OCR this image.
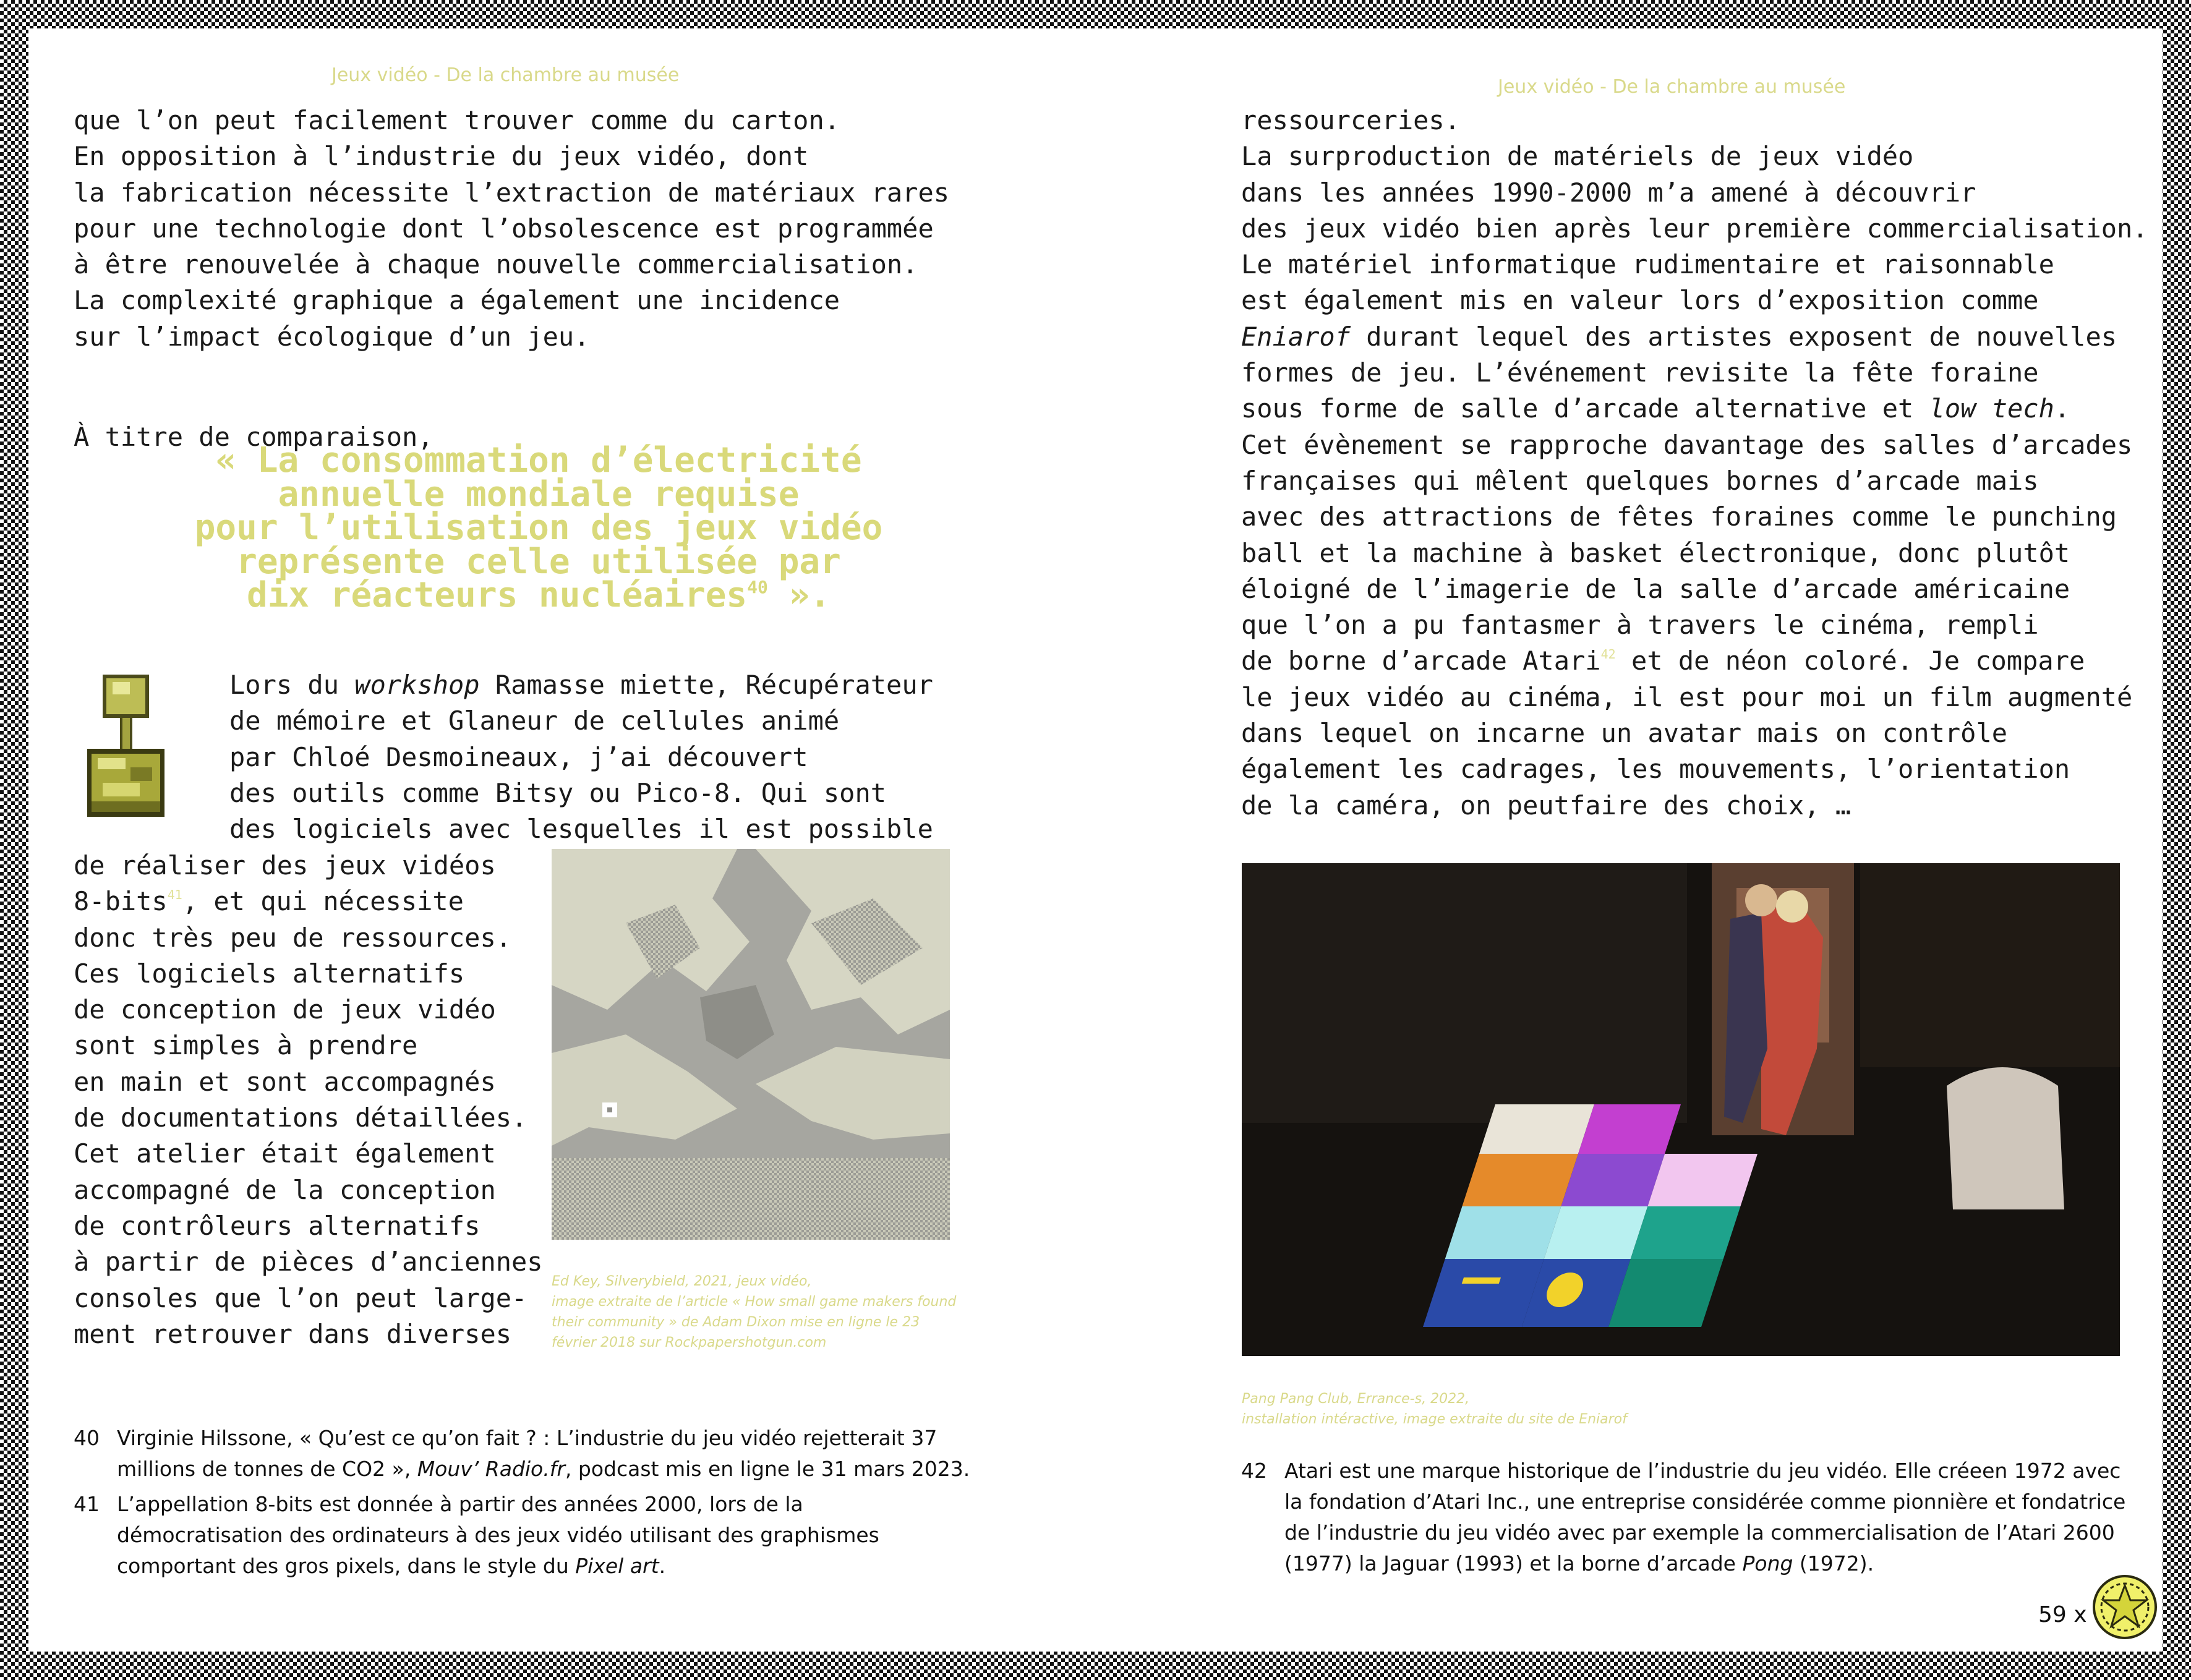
Jeux vidéo - De la chambre au musée
que l’on peut facilement trouver comme du carton.
En opposition à l’industrie du jeux vidéo, dont
la fabrication nécessite l’extraction de matériaux rares
pour une technologie dont l’obsolescence est programmée
à être renouvelée à chaque nouvelle commercialisation.
La complexité graphique a également une incidence
sur l’impact écologique d’un jeu.
À titre de comparaison,
« La consommation d’électricité
annuelle mondiale requise
pour l’utilisation des jeux vidéo
représente celle utilisée par
dix réacteurs nucléaires$^{40}$ ».
Lors du workshop Ramasse miette, Récupérateur
de mémoire et Glaneur de cellules animé
par Chloé Desmoineaux, j’ai découvert
des outils comme Bitsy ou Pico-8. Qui sont
des logiciels avec lesquelles il est possible
de réaliser des jeux vidéos
8-bits$^{41}$, et qui nécessite
donc très peu de ressources.
Ces logiciels alternatifs
de conception de jeux vidéo
sont simples à prendre
en main et sont accompagnés
de documentations détaillées.
Cet atelier était également
accompagné de la conception
de contrôleurs alternatifs
à partir de pièces d’anciennes
consoles que l’on peut large-
ment retrouver dans diverses
Ed Key, Silverybield, 2021, jeux vidéo,
image extraite de l’article « How small game makers found
their community » de Adam Dixon mise en ligne le 23
février 2018 sur Rockpapershotgun.com
40 Virginie Hilssone, « Qu’est ce qu’on fait ? : L’industrie du jeu vidéo rejetterait 37
millions de tonnes de CO2 », Mouv’ Radio.fr, podcast mis en ligne le 31 mars 2023.
41 L’appellation 8-bits est donnée à partir des années 2000, lors de la
démocratisation des ordinateurs à des jeux vidéo utilisant des graphismes
comportant des gros pixels, dans le style du Pixel art.
Jeux vidéo - De la chambre au musée
ressourceries.
La surproduction de matériels de jeux vidéo
dans les années 1990-2000 m’a amené à découvrir
des jeux vidéo bien après leur première commercialisation.
Le matériel informatique rudimentaire et raisonnable
est également mis en valeur lors d’exposition comme
Eniarof durant lequel des artistes exposent de nouvelles
formes de jeu. L’événement revisite la fête foraine
sous forme de salle d’arcade alternative et low tech.
Cet évènement se rapproche davantage des salles d’arcades
françaises qui mêlent quelques bornes d’arcade mais
avec des attractions de fêtes foraines comme le punching
ball et la machine à basket électronique, donc plutôt
éloigné de l’imagerie de la salle d’arcade américaine
que l’on a pu fantasmer à travers le cinéma, rempli
de borne d’arcade Atari$^{42}$ et de néon coloré. Je compare
le jeux vidéo au cinéma, il est pour moi un film augmenté
dans lequel on incarne un avatar mais on contrôle
également les cadrages, les mouvements, l’orientation
de la caméra, on peutfaire des choix, …
Pang Pang Club, Errance-s, 2022,
installation intéractive, image extraite du site de Eniarof
42 Atari est une marque historique de l’industrie du jeu vidéo. Elle créeen 1972 avec
la fondation d’Atari Inc., une entreprise considérée comme pionnière et fondatrice
de l’industrie du jeu vidéo avec par exemple la commercialisation de l’Atari 2600
(1977) la Jaguar (1993) et la borne d’arcade Pong (1972).
59 x
